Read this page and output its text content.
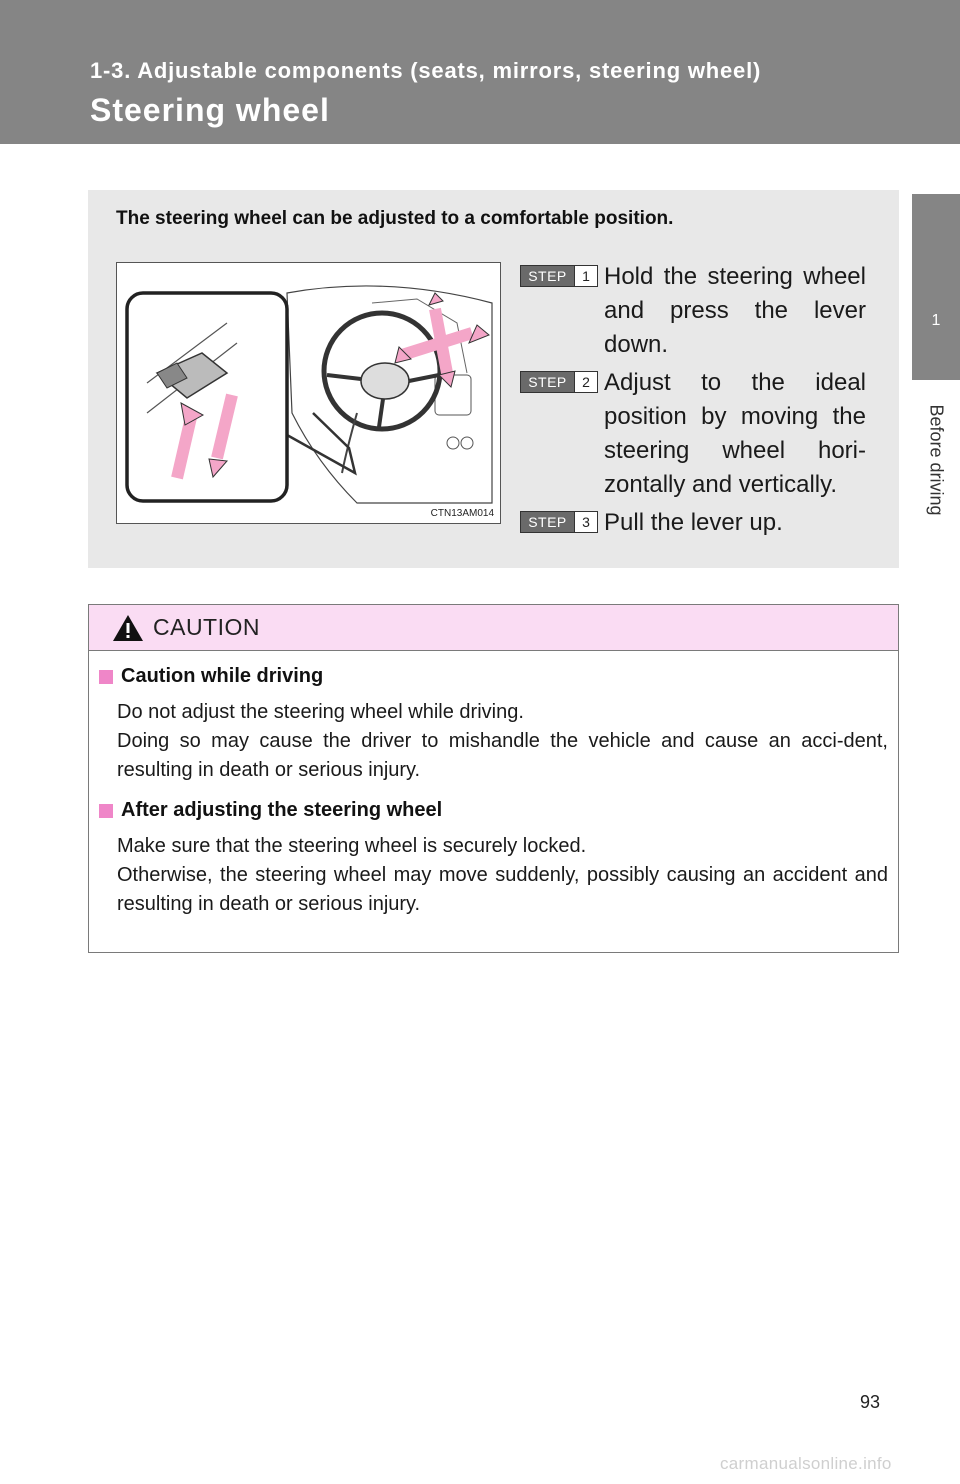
1-3. Adjustable components (seats, mirrors, steering wheel)
Steering wheel
1
Before driving

The steering wheel can be adjusted to a comfortable position.

CTN13AM014
STEP	1 Hold the steering wheel and press the lever down.

STEP	2 Adjust to the ideal position by moving the steering wheel hori-zontally and vertically.

STEP	3 Pull the lever up.

CAUTION

Caution while driving

Do not adjust the steering wheel while driving.

Doing so may cause the driver to mishandle the vehicle and cause an acci-dent, resulting in death or serious injury.

After adjusting the steering wheel

Make sure that the steering wheel is securely locked.

Otherwise, the steering wheel may move suddenly, possibly causing an accident and resulting in death or serious injury.

93
carmanualsonline.info
